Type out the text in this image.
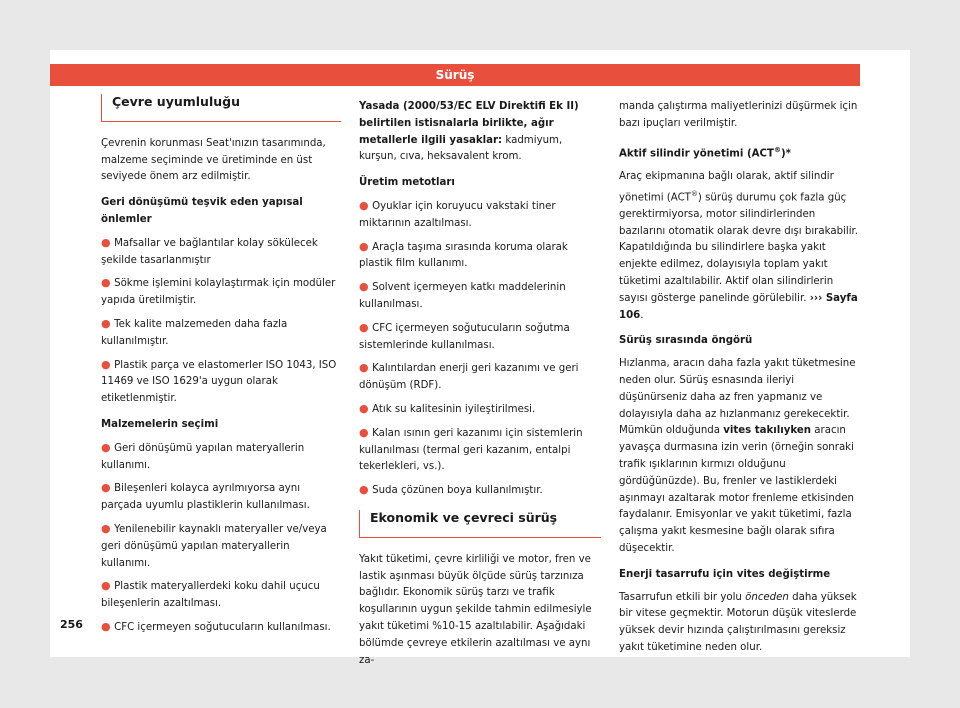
Sürüş
Çevre uyumluluğu

Çevrenin korunması Seat'ınızın tasarımında, malzeme seçiminde ve üretiminde en üst seviyede önem arz edilmiştir.

Geri dönüşümü teşvik eden yapısal önlemler
● Mafsallar ve bağlantılar kolay sökülecek şekilde tasarlanmıştır
● Sökme işlemini kolaylaştırmak için modüler yapıda üretilmiştir.
● Tek kalite malzemeden daha fazla kullanılmıştır.
● Plastik parça ve elastomerler ISO 1043, ISO 11469 ve ISO 1629'a uygun olarak etiketlenmiştir.
Malzemelerin seçimi
● Geri dönüşümü yapılan materyallerin kullanımı.
● Bileşenleri kolayca ayrılmıyorsa aynı parçada uyumlu plastiklerin kullanılması.
● Yenilenebilir kaynaklı materyaller ve/veya geri dönüşümü yapılan materyallerin kullanımı.
● Plastik materyallerdeki koku dahil uçucu bileşenlerin azaltılması.
● CFC içermeyen soğutucuların kullanılması.

Yasada (2000/53/EC ELV Direktifi Ek II) belirtilen istisnalarla birlikte, ağır metallerle ilgili yasaklar: kadmiyum, kurşun, cıva, heksavalent krom.

Üretim metotları
● Oyuklar için koruyucu vakstaki tiner miktarının azaltılması.
● Araçla taşıma sırasında koruma olarak plastik film kullanımı.
● Solvent içermeyen katkı maddelerinin kullanılması.
● CFC içermeyen soğutucuların soğutma sistemlerinde kullanılması.
● Kalıntılardan enerji geri kazanımı ve geri dönüşüm (RDF).
● Atık su kalitesinin iyileştirilmesi.
● Kalan ısının geri kazanımı için sistemlerin kullanılması (termal geri kazanım, entalpi tekerlekleri, vs.).
● Suda çözünen boya kullanılmıştır.
Ekonomik ve çevreci sürüş

Yakıt tüketimi, çevre kirliliği ve motor, fren ve lastik aşınması büyük ölçüde sürüş tarzınıza bağlıdır. Ekonomik sürüş tarzı ve trafik koşullarının uygun şekilde tahmin edilmesiyle yakıt tüketimi %10-15 azaltılabilir. Aşağıdaki bölümde çevreye etkilerin azaltılması ve aynı za-

manda çalıştırma maliyetlerinizi düşürmek için bazı ipuçları verilmiştir.

Aktif silindir yönetimi (ACT®)*

Araç ekipmanına bağlı olarak, aktif silindir yönetimi (ACT®) sürüş durumu çok fazla güç gerektirmiyorsa, motor silindirlerinden bazılarını otomatik olarak devre dışı bırakabilir. Kapatıldığında bu silindirlere başka yakıt enjekte edilmez, dolayısıyla toplam yakıt tüketimi azaltılabilir. Aktif olan silindirlerin sayısı gösterge panelinde görülebilir. ››› Sayfa 106.

Sürüş sırasında öngörü

Hızlanma, aracın daha fazla yakıt tüketmesine neden olur. Sürüş esnasında ileriyi düşünürseniz daha az fren yapmanız ve dolayısıyla daha az hızlanmanız gerekecektir. Mümkün olduğunda vites takılıyken aracın yavaşça durmasına izin verin (örneğin sonraki trafik ışıklarının kırmızı olduğunu gördüğünüzde). Bu, frenler ve lastiklerdeki aşınmayı azaltarak motor frenleme etkisinden faydalanır. Emisyonlar ve yakıt tüketimi, fazla çalışma yakıt kesmesine bağlı olarak sıfıra düşecektir.

Enerji tasarrufu için vites değiştirme

Tasarrufun etkili bir yolu önceden daha yüksek bir vitese geçmektir. Motorun düşük viteslerde yüksek devir hızında çalıştırılmasını gereksiz yakıt tüketimine neden olur.

256
